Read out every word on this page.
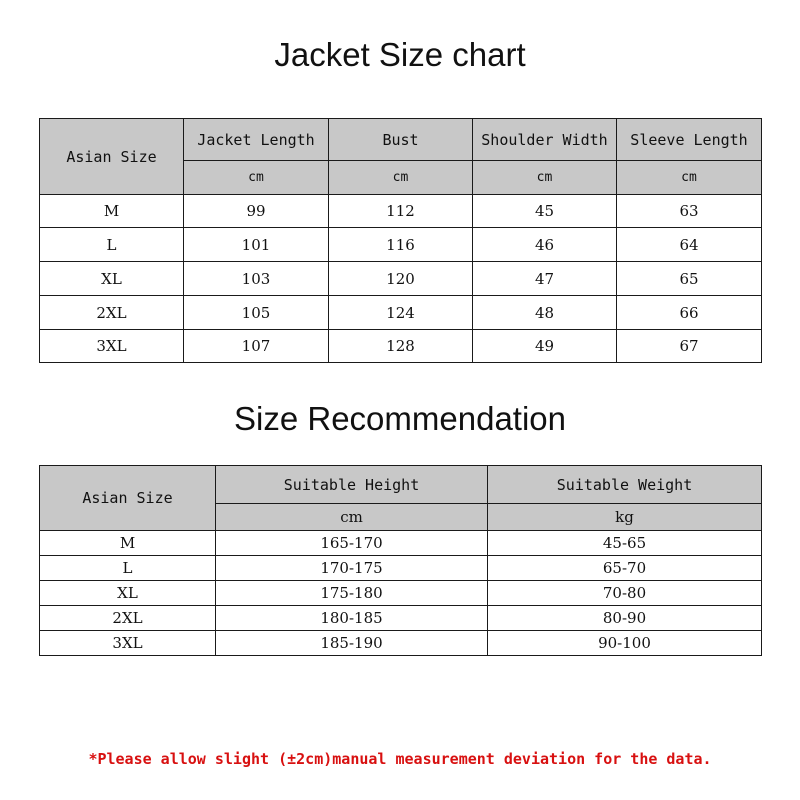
Jacket Size chart
Asian Size	Jacket Length	Bust	Shoulder Width	Sleeve Length
	cm	cm	cm	cm
M	99	112	45	63
L	101	116	46	64
XL	103	120	47	65
2XL	105	124	48	66
3XL	107	128	49	67
Size Recommendation
Asian Size	Suitable Height	Suitable Weight
	cm	kg
M	165-170	45-65
L	170-175	65-70
XL	175-180	70-80
2XL	180-185	80-90
3XL	185-190	90-100
*Please allow slight (±2cm)manual measurement deviation for the data.
